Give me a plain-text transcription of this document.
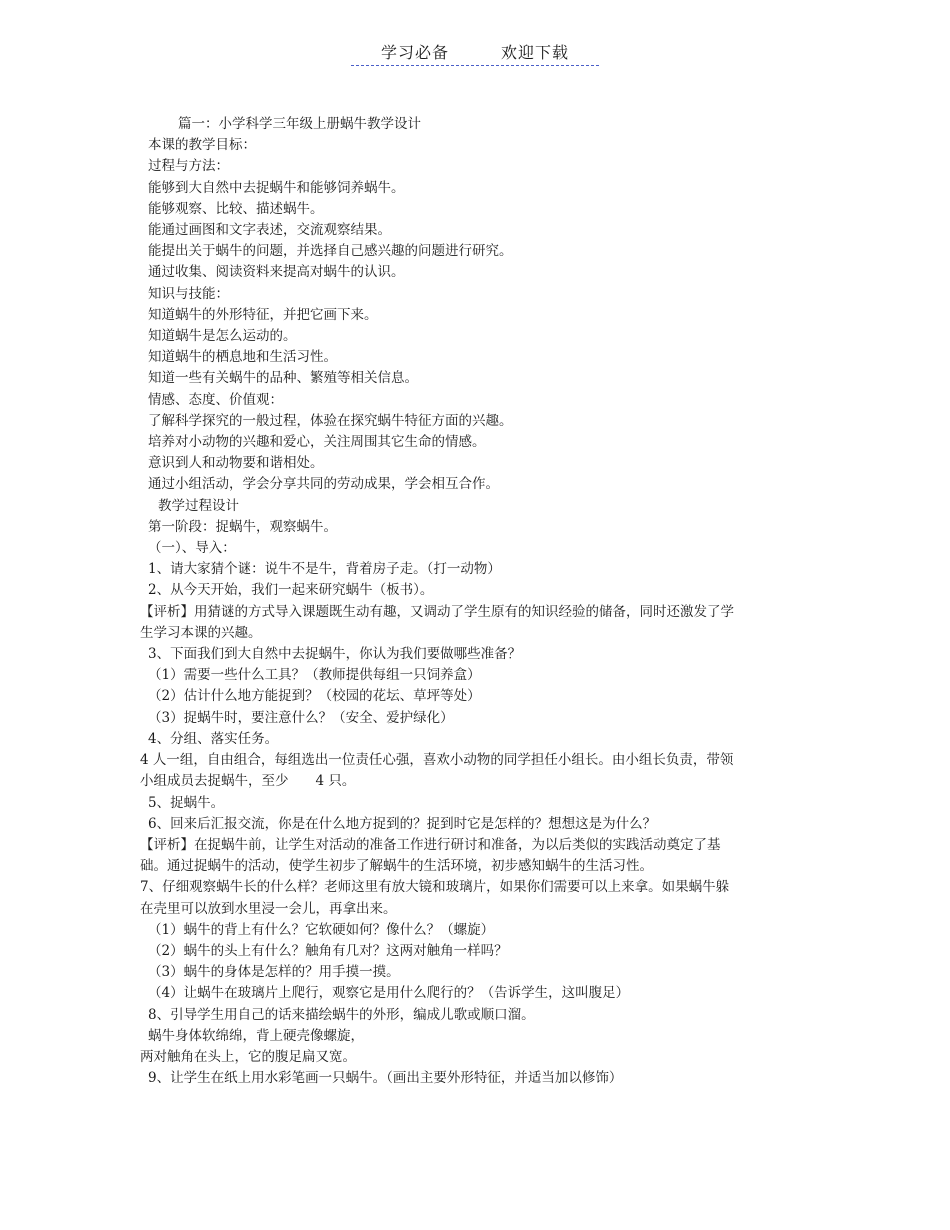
学习必备	欢迎下载
篇一：小学科学三年级上册蜗牛教学设计
本课的教学目标：
过程与方法：
能够到大自然中去捉蜗牛和能够饲养蜗牛。
能够观察、比较、描述蜗牛。
能通过画图和文字表述，交流观察结果。
能提出关于蜗牛的问题，并选择自己感兴趣的问题进行研究。
通过收集、阅读资料来提高对蜗牛的认识。
知识与技能：
知道蜗牛的外形特征，并把它画下来。
知道蜗牛是怎么运动的。
知道蜗牛的栖息地和生活习性。
知道一些有关蜗牛的品种、繁殖等相关信息。
情感、态度、价值观：
了解科学探究的一般过程，体验在探究蜗牛特征方面的兴趣。
培养对小动物的兴趣和爱心，关注周围其它生命的情感。
意识到人和动物要和谐相处。
通过小组活动，学会分享共同的劳动成果，学会相互合作。
教学过程设计
第一阶段：捉蜗牛，观察蜗牛。
（一）、导入：
1、请大家猜个谜：说牛不是牛，背着房子走。（打一动物）
2、从今天开始，我们一起来研究蜗牛（板书）。
【评析】用猜谜的方式导入课题既生动有趣，又调动了学生原有的知识经验的储备，同时还激发了学生学习本课的兴趣。
3、下面我们到大自然中去捉蜗牛，你认为我们要做哪些准备？
（1）需要一些什么工具？（教师提供每组一只饲养盒）
（2）估计什么地方能捉到？（校园的花坛、草坪等处）
（3）捉蜗牛时，要注意什么？（安全、爱护绿化）
4、分组、落实任务。
4 人一组，自由组合，每组选出一位责任心强，喜欢小动物的同学担任小组长。由小组长负责，带领小组成员去捉蜗牛，至少　　4 只。
5、捉蜗牛。
6、回来后汇报交流，你是在什么地方捉到的？捉到时它是怎样的？想想这是为什么？
【评析】在捉蜗牛前，让学生对活动的准备工作进行研讨和准备，为以后类似的实践活动奠定了基础。通过捉蜗牛的活动，使学生初步了解蜗牛的生活环境，初步感知蜗牛的生活习性。
7、仔细观察蜗牛长的什么样？老师这里有放大镜和玻璃片，如果你们需要可以上来拿。如果蜗牛躲在壳里可以放到水里浸一会儿，再拿出来。
（1）蜗牛的背上有什么？它软硬如何？像什么？（螺旋）
（2）蜗牛的头上有什么？触角有几对？这两对触角一样吗？
（3）蜗牛的身体是怎样的？用手摸一摸。
（4）让蜗牛在玻璃片上爬行，观察它是用什么爬行的？（告诉学生，这叫腹足）
8、引导学生用自己的话来描绘蜗牛的外形，编成儿歌或顺口溜。
蜗牛身体软绵绵，背上硬壳像螺旋，
两对触角在头上，它的腹足扁又宽。
9、让学生在纸上用水彩笔画一只蜗牛。（画出主要外形特征，并适当加以修饰）
